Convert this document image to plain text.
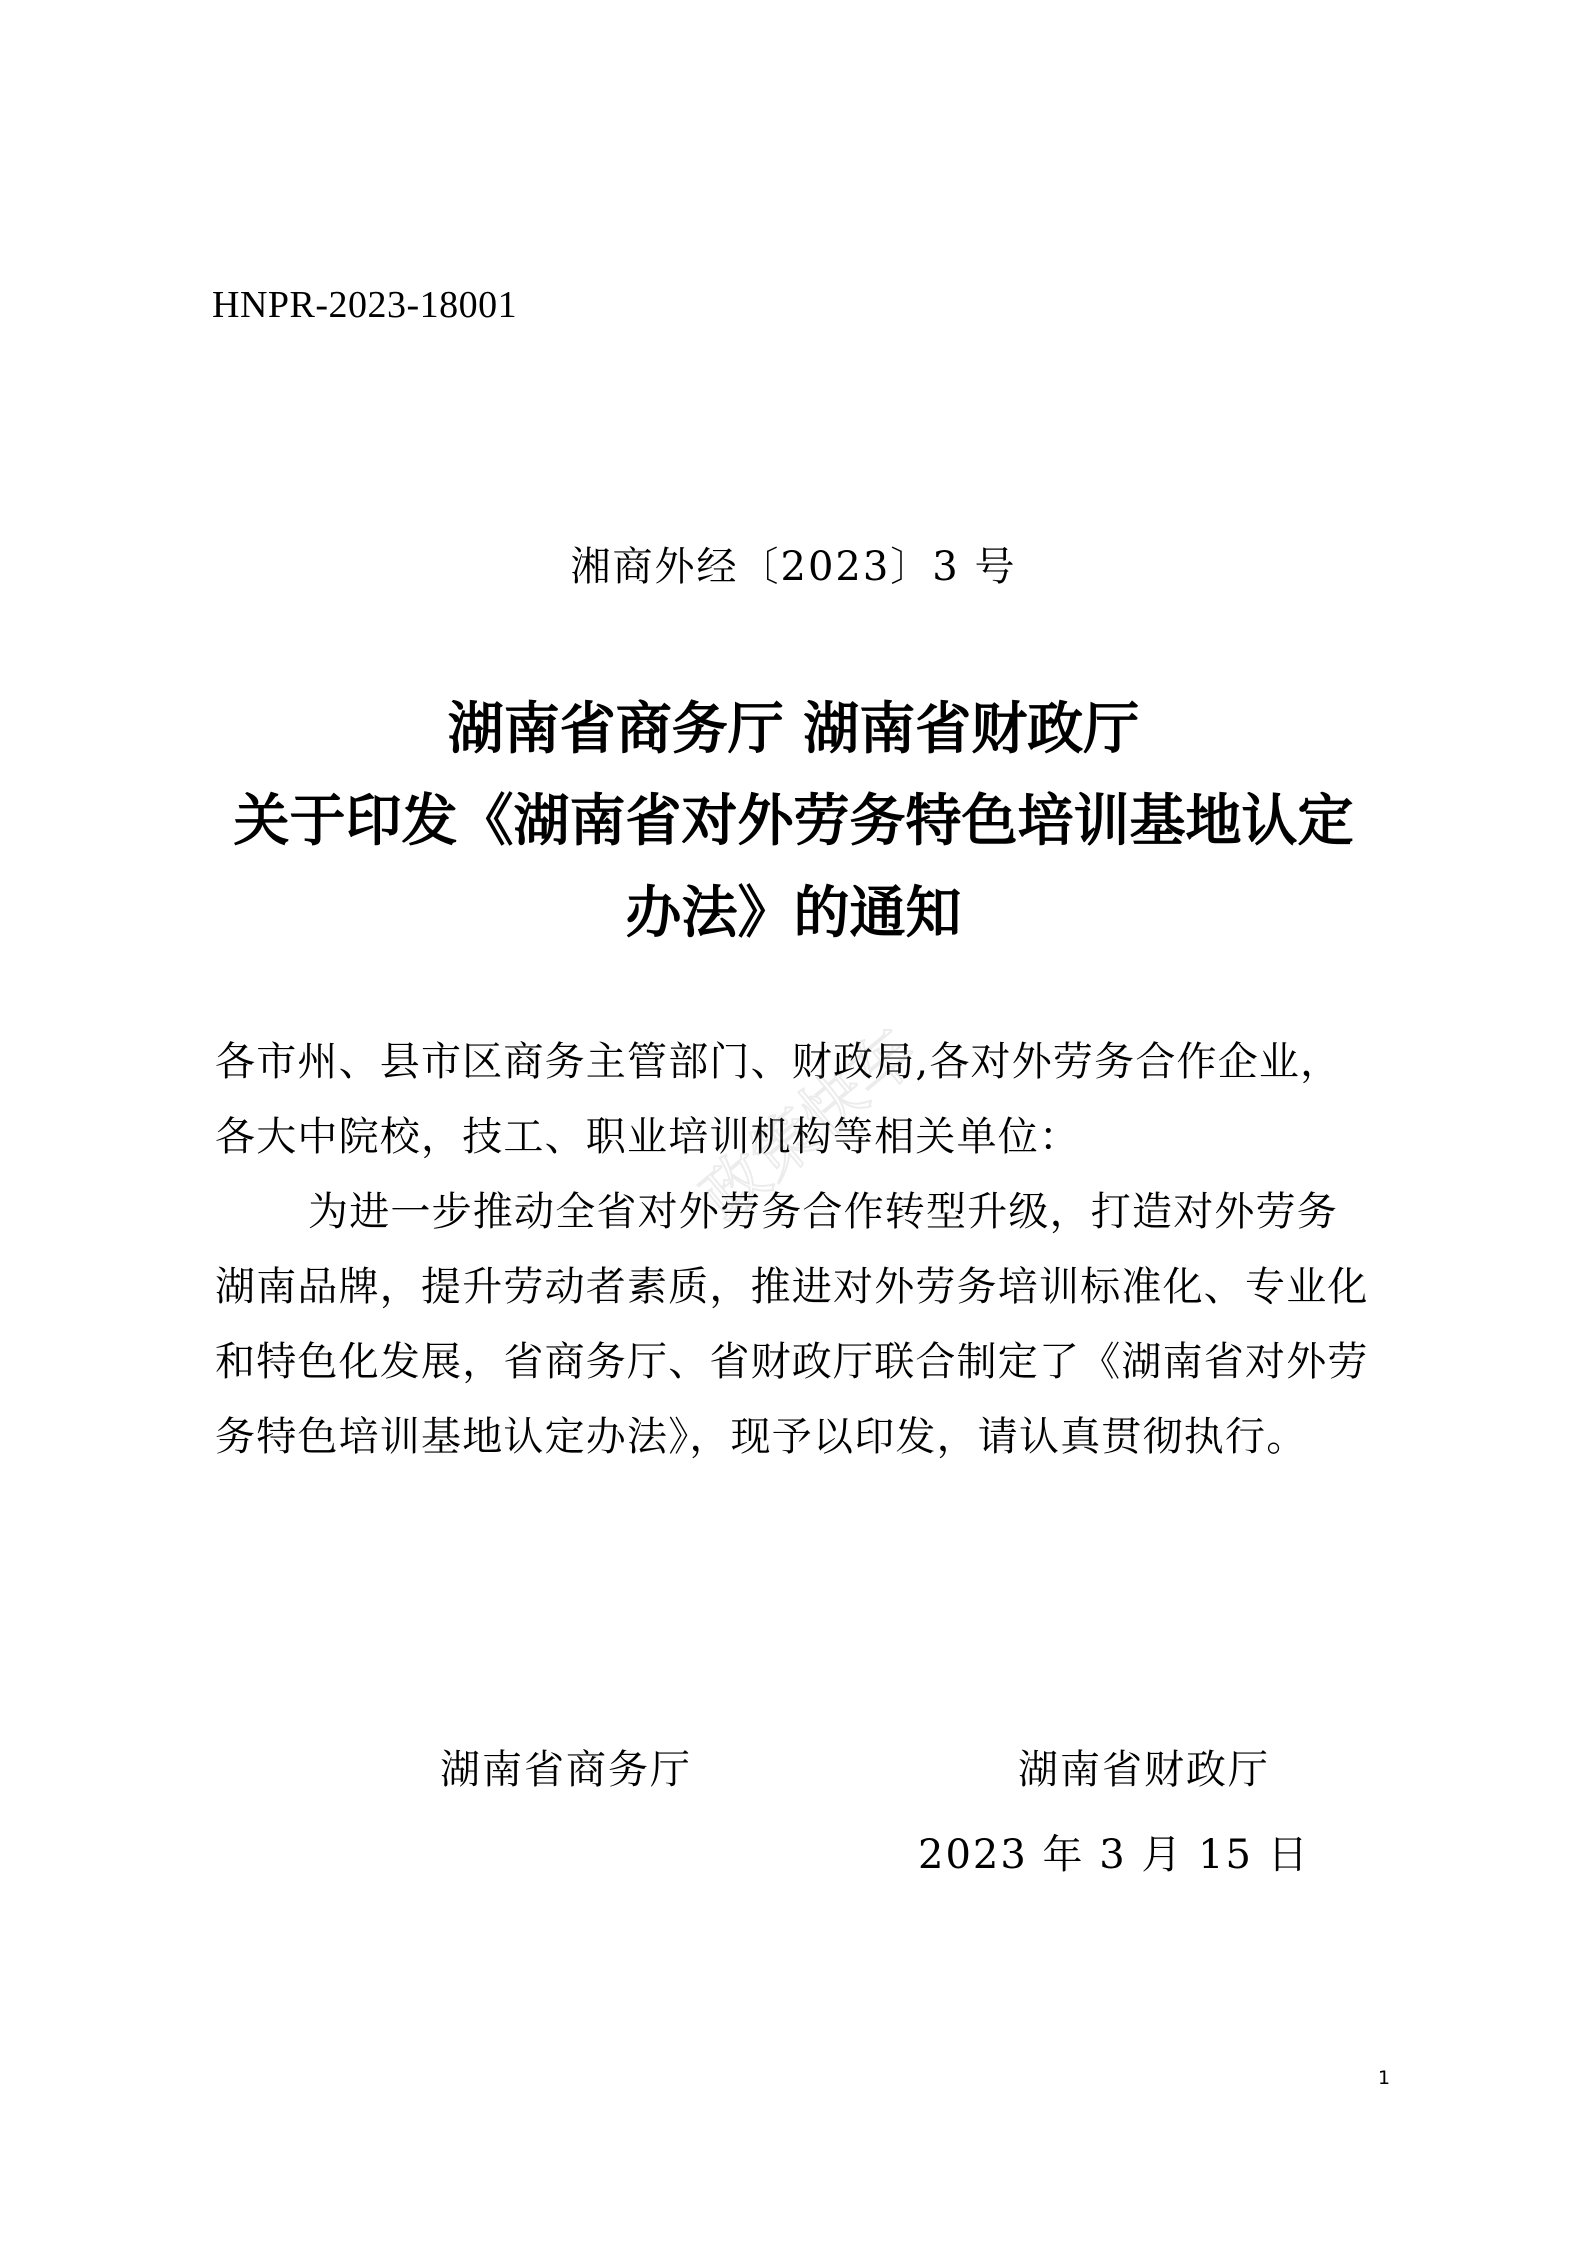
HNPR-2023-18001
湘商外经〔2023〕3 号
湖南省商务厅 湖南省财政厅
关于印发《湖南省对外劳务特色培训基地认定
办法》的通知
各市州、县市区商务主管部门、财政局,各对外劳务合作企业，
各大中院校，技工、职业培训机构等相关单位：
为进一步推动全省对外劳务合作转型升级，打造对外劳务
湖南品牌，提升劳动者素质，推进对外劳务培训标准化、专业化
和特色化发展，省商务厅、省财政厅联合制定了《湖南省对外劳
务特色培训基地认定办法》，现予以印发，请认真贯彻执行。
湖南省商务厅	湖南省财政厅
2023 年 3 月 15 日
1
政策快车
